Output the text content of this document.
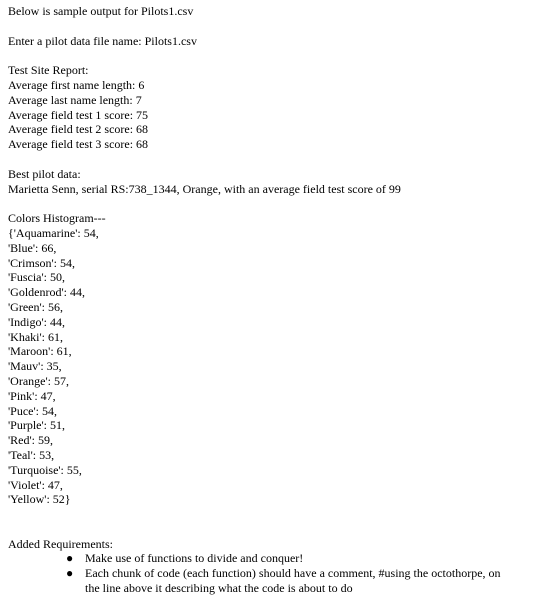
Below is sample output for Pilots1.csv

Enter a pilot data file name: Pilots1.csv

Test Site Report:

Average first name length: 6

Average last name length: 7

Average field test 1 score: 75

Average field test 2 score: 68

Average field test 3 score: 68

Best pilot data:

Marietta Senn, serial RS:738_1344, Orange, with an average field test score of 99

Colors Histogram---

{'Aquamarine': 54,

'Blue': 66,

'Crimson': 54,

'Fuscia': 50,

'Goldenrod': 44,

'Green': 56,

'Indigo': 44,

'Khaki': 61,

'Maroon': 61,

'Mauv': 35,

'Orange': 57,

'Pink': 47,

'Puce': 54,

'Purple': 51,

'Red': 59,

'Teal': 53,

'Turquoise': 55,

'Violet': 47,

'Yellow': 52}

Added Requirements:

● Make use of functions to divide and conquer!
● Each chunk of code (each function) should have a comment, #using the octothorpe, on the line above it describing what the code is about to do
